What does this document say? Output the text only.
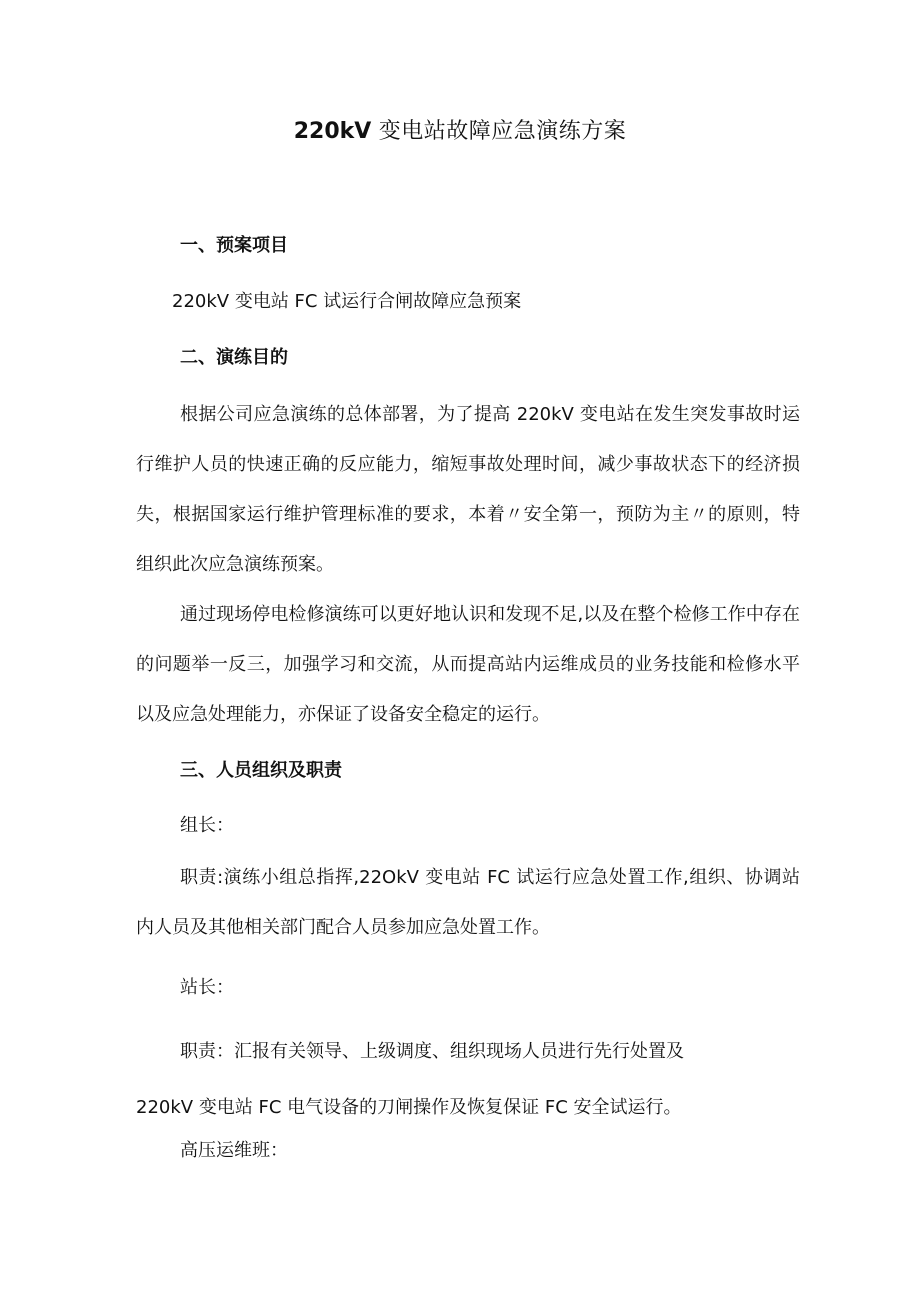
220kV 变电站故障应急演练方案
一、预案项目
220kV 变电站 FC 试运行合闸故障应急预案
二、演练目的

根据公司应急演练的总体部署，为了提高 220kV 变电站在发生突发事故时运行维护人员的快速正确的反应能力，缩短事故处理时间，减少事故状态下的经济损失，根据国家运行维护管理标准的要求，本着〃安全第一，预防为主〃的原则，特组织此次应急演练预案。

通过现场停电检修演练可以更好地认识和发现不足,以及在整个检修工作中存在的问题举一反三，加强学习和交流，从而提高站内运维成员的业务技能和检修水平以及应急处理能力，亦保证了设备安全稳定的运行。

三、人员组织及职责
组长：

职责:演练小组总指挥,22OkV 变电站 FC 试运行应急处置工作,组织、协调站内人员及其他相关部门配合人员参加应急处置工作。

站长：
职责：汇报有关领导、上级调度、组织现场人员进行先行处置及
220kV 变电站 FC 电气设备的刀闸操作及恢复保证 FC 安全试运行。
高压运维班：
